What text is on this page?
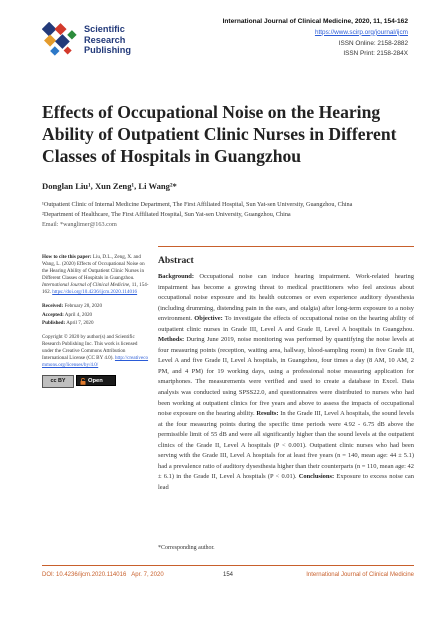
Scientific
Research
Publishing
International Journal of Clinical Medicine, 2020, 11, 154-162
https://www.scirp.org/journal/ijcm
ISSN Online: 2158-2882
ISSN Print: 2158-284X
Effects of Occupational Noise on the Hearing Ability of Outpatient Clinic Nurses in Different Classes of Hospitals in Guangzhou
Donglan Liu¹, Xun Zeng¹, Li Wang²*
¹Outpatient Clinic of Internal Medicine Department, The First Affiliated Hospital, Sun Yat-sen University, Guangzhou, China
²Department of Healthcare, The First Affiliated Hospital, Sun Yat-sen University, Guangzhou, China
Email: *wanglimer@163.com
How to cite this paper: Liu, D.L., Zeng, X. and Wang, L. (2020) Effects of Occupational Noise on the Hearing Ability of Outpatient Clinic Nurses in Different Classes of Hospitals in Guangzhou. International Journal of Clinical Medicine, 11, 154-162. https://doi.org/10.4236/ijcm.2020.114016
Received: February 28, 2020
Accepted: April 4, 2020
Published: April 7, 2020
Copyright © 2020 by author(s) and Scientific Research Publishing Inc. This work is licensed under the Creative Commons Attribution International License (CC BY 4.0). http://creativecommons.org/licenses/by/4.0/
cc BY	Open Access
Abstract
Background: Occupational noise can induce hearing impairment. Work-related hearing impairment has become a growing threat to medical practitioners who feel anxious about occupational noise exposure and its health outcomes or even experience auditory dysesthesia (including drumming, distending pain in the ears, and otalgia) after long-term exposure to a noisy environment. Objective: To investigate the effects of occupational noise on the hearing ability of outpatient clinic nurses in Grade III, Level A and Grade II, Level A hospitals in Guangzhou. Methods: During June 2019, noise monitoring was performed by quantifying the noise levels at four measuring points (reception, waiting area, hallway, blood-sampling room) in five Grade III, Level A and five Grade II, Level A hospitals, in Guangzhou, four times a day (8 AM, 10 AM, 2 PM, and 4 PM) for 19 working days, using a professional noise measuring application for smartphones. The measurements were verified and used to create a database in Excel. Data analysis was conducted using SPSS22.0, and questionnaires were distributed to nurses who had been working at outpatient clinics for five years and above to assess the impacts of occupational noise exposure on the hearing ability. Results: In the Grade III, Level A hospitals, the sound levels at the four measuring points during the specific time periods were 4.92 - 6.75 dB above the permissible limit of 55 dB and were all significantly higher than the sound levels at the outpatient clinics of the Grade II, Level A hospitals (P < 0.001). Outpatient clinic nurses who had been serving with the Grade III, Level A hospitals for at least five years (n = 140, mean age: 44 ± 5.1) had a prevalence ratio of auditory dysesthesia higher than their counterparts (n = 110, mean age: 42 ± 6.1) in the Grade II, Level A hospitals (P < 0.01). Conclusions: Exposure to excess noise can lead
*Corresponding author.
DOI: 10.4236/ijcm.2020.114016 Apr. 7, 2020	154	International Journal of Clinical Medicine
